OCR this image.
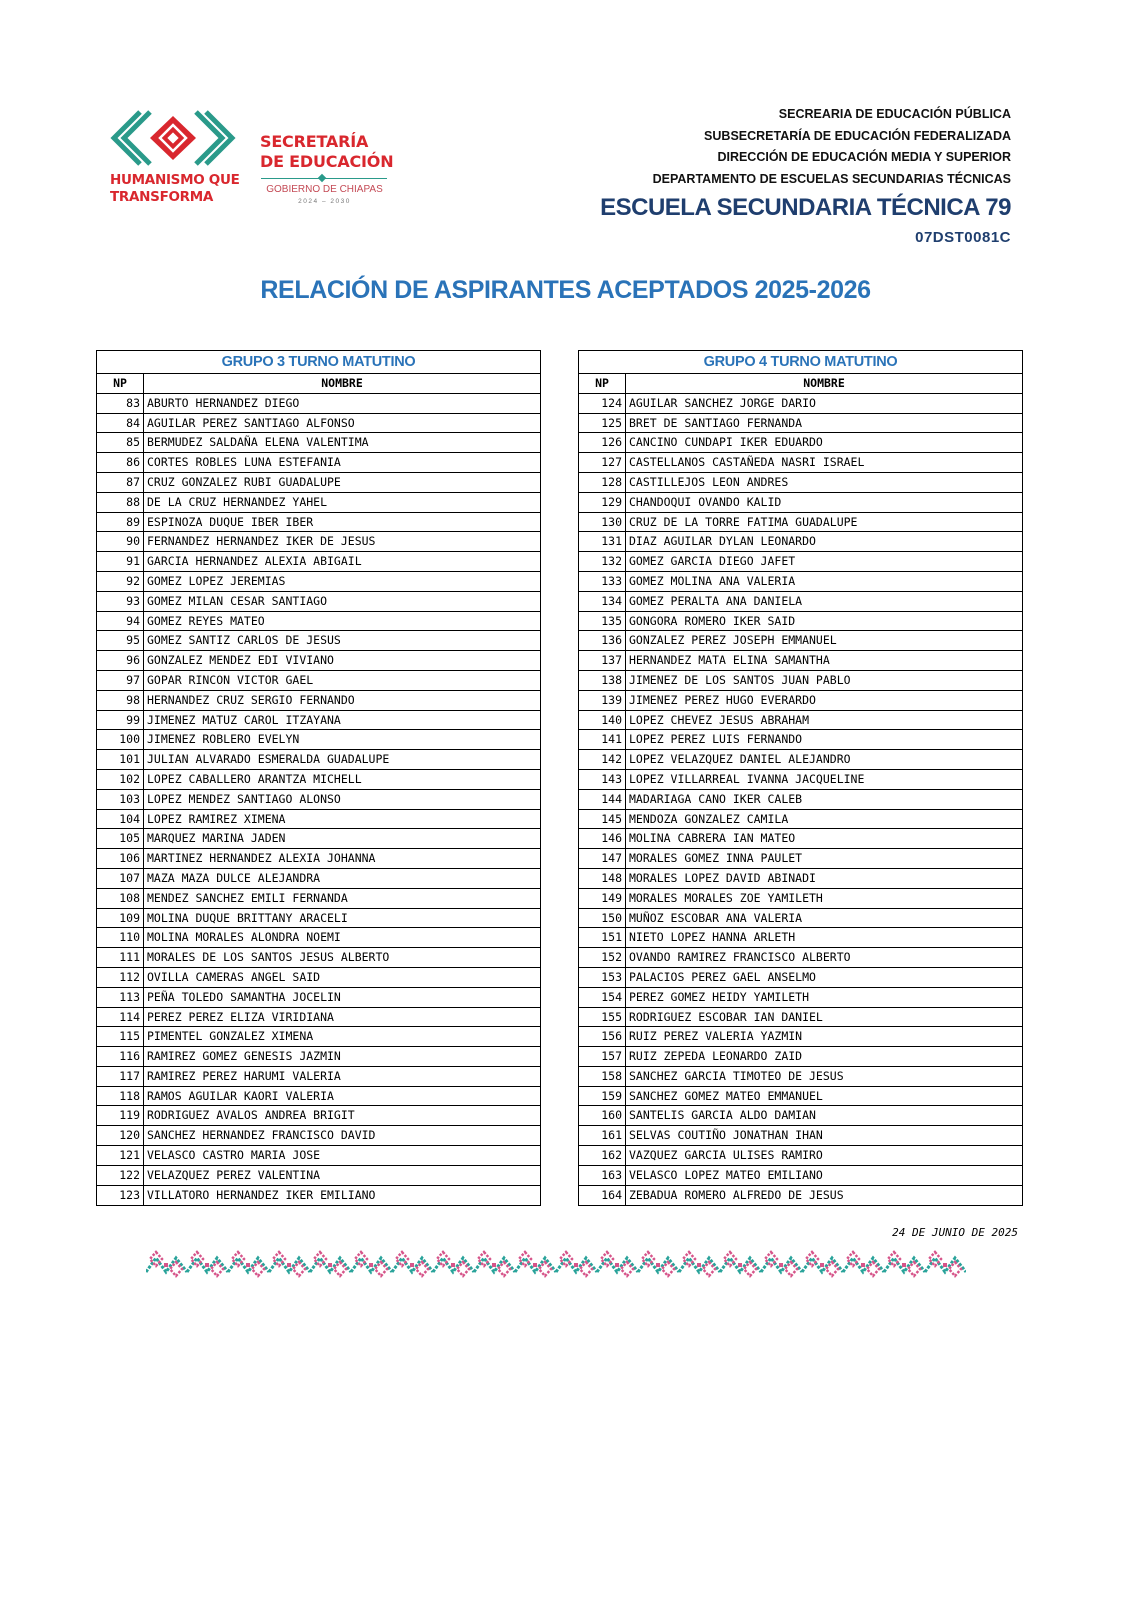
HUMANISMO QUE
TRANSFORMA
SECRETARÍA
DE EDUCACIÓN
GOBIERNO DE CHIAPAS
2024 – 2030
SECREARIA DE EDUCACIÓN PÚBLICA
SUBSECRETARÍA DE EDUCACIÓN FEDERALIZADA
DIRECCIÓN DE EDUCACIÓN MEDIA Y SUPERIOR
DEPARTAMENTO DE ESCUELAS SECUNDARIAS TÉCNICAS
ESCUELA SECUNDARIA TÉCNICA 79
07DST0081C
RELACIÓN DE ASPIRANTES ACEPTADOS 2025-2026
GRUPO 3 TURNO MATUTINO
NP	NOMBRE
83 ABURTO HERNANDEZ DIEGO
84 AGUILAR PEREZ SANTIAGO ALFONSO
85 BERMUDEZ SALDAÑA ELENA VALENTIMA
86 CORTES ROBLES LUNA ESTEFANIA
87 CRUZ GONZALEZ RUBI GUADALUPE
88 DE LA CRUZ HERNANDEZ YAHEL
89 ESPINOZA DUQUE IBER IBER
90 FERNANDEZ HERNANDEZ IKER DE JESUS
91 GARCIA HERNANDEZ ALEXIA ABIGAIL
92 GOMEZ LOPEZ JEREMIAS
93 GOMEZ MILAN CESAR SANTIAGO
94 GOMEZ REYES MATEO
95 GOMEZ SANTIZ CARLOS DE JESUS
96 GONZALEZ MENDEZ EDI VIVIANO
97 GOPAR RINCON VICTOR GAEL
98 HERNANDEZ CRUZ SERGIO FERNANDO
99 JIMENEZ MATUZ CAROL ITZAYANA
100 JIMENEZ ROBLERO EVELYN
101 JULIAN ALVARADO ESMERALDA GUADALUPE
102 LOPEZ CABALLERO ARANTZA MICHELL
103 LOPEZ MENDEZ SANTIAGO ALONSO
104 LOPEZ RAMIREZ XIMENA
105 MARQUEZ MARINA JADEN
106 MARTINEZ HERNANDEZ ALEXIA JOHANNA
107 MAZA MAZA DULCE ALEJANDRA
108 MENDEZ SANCHEZ EMILI FERNANDA
109 MOLINA DUQUE BRITTANY ARACELI
110 MOLINA MORALES ALONDRA NOEMI
111 MORALES DE LOS SANTOS JESUS ALBERTO
112 OVILLA CAMERAS ANGEL SAID
113 PEÑA TOLEDO SAMANTHA JOCELIN
114 PEREZ PEREZ ELIZA VIRIDIANA
115 PIMENTEL GONZALEZ XIMENA
116 RAMIREZ GOMEZ GENESIS JAZMIN
117 RAMIREZ PEREZ HARUMI VALERIA
118 RAMOS AGUILAR KAORI VALERIA
119 RODRIGUEZ AVALOS ANDREA BRIGIT
120 SANCHEZ HERNANDEZ FRANCISCO DAVID
121 VELASCO CASTRO MARIA JOSE
122 VELAZQUEZ PEREZ VALENTINA
123 VILLATORO HERNANDEZ IKER EMILIANO
GRUPO 4 TURNO MATUTINO
NP	NOMBRE
124 AGUILAR SANCHEZ JORGE DARIO
125 BRET DE SANTIAGO FERNANDA
126 CANCINO CUNDAPI IKER EDUARDO
127 CASTELLANOS CASTAÑEDA NASRI ISRAEL
128 CASTILLEJOS LEON ANDRES
129 CHANDOQUI OVANDO KALID
130 CRUZ DE LA TORRE FATIMA GUADALUPE
131 DIAZ AGUILAR DYLAN LEONARDO
132 GOMEZ GARCIA DIEGO JAFET
133 GOMEZ MOLINA ANA VALERIA
134 GOMEZ PERALTA ANA DANIELA
135 GONGORA ROMERO IKER SAID
136 GONZALEZ PEREZ JOSEPH EMMANUEL
137 HERNANDEZ MATA ELINA SAMANTHA
138 JIMENEZ DE LOS SANTOS JUAN PABLO
139 JIMENEZ PEREZ HUGO EVERARDO
140 LOPEZ CHEVEZ JESUS ABRAHAM
141 LOPEZ PEREZ LUIS FERNANDO
142 LOPEZ VELAZQUEZ DANIEL ALEJANDRO
143 LOPEZ VILLARREAL IVANNA JACQUELINE
144 MADARIAGA CANO IKER CALEB
145 MENDOZA GONZALEZ CAMILA
146 MOLINA CABRERA IAN MATEO
147 MORALES GOMEZ INNA PAULET
148 MORALES LOPEZ DAVID ABINADI
149 MORALES MORALES ZOE YAMILETH
150 MUÑOZ ESCOBAR ANA VALERIA
151 NIETO LOPEZ HANNA ARLETH
152 OVANDO RAMIREZ FRANCISCO ALBERTO
153 PALACIOS PEREZ GAEL ANSELMO
154 PEREZ GOMEZ HEIDY YAMILETH
155 RODRIGUEZ ESCOBAR IAN DANIEL
156 RUIZ PEREZ VALERIA YAZMIN
157 RUIZ ZEPEDA LEONARDO ZAID
158 SANCHEZ GARCIA TIMOTEO DE JESUS
159 SANCHEZ GOMEZ MATEO EMMANUEL
160 SANTELIS GARCIA ALDO DAMIAN
161 SELVAS COUTIÑO JONATHAN IHAN
162 VAZQUEZ GARCIA ULISES RAMIRO
163 VELASCO LOPEZ MATEO EMILIANO
164 ZEBADUA ROMERO ALFREDO DE JESUS
24 DE JUNIO DE 2025
